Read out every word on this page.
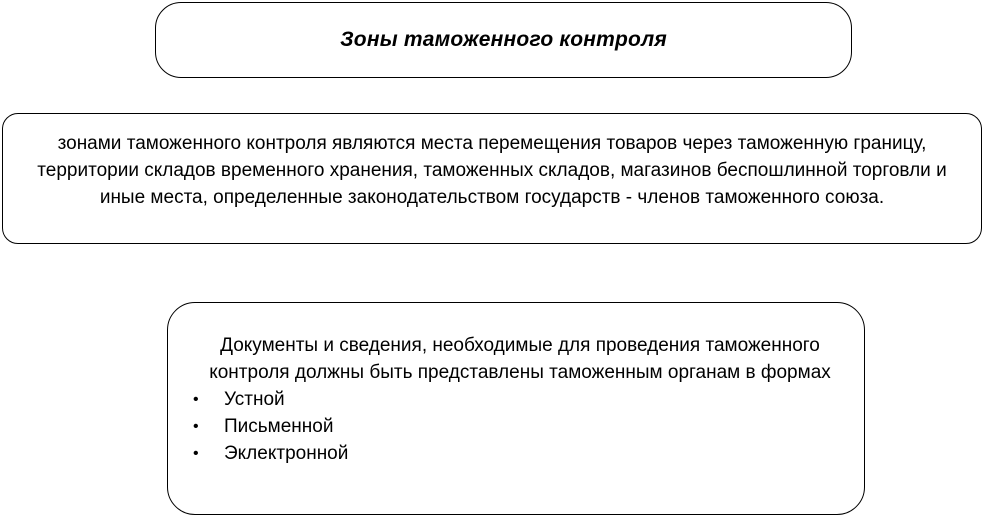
Зоны таможенного контроля
зонами таможенного контроля являются места перемещения товаров через таможенную границу, территории складов временного хранения, таможенных складов, магазинов беспошлинной торговли и иные места, определенные законодательством государств - членов таможенного союза.
Документы и сведения, необходимые для проведения таможенного контроля должны быть представлены таможенным органам в формах
•	Устной
•	Письменной
•	Эклектронной
